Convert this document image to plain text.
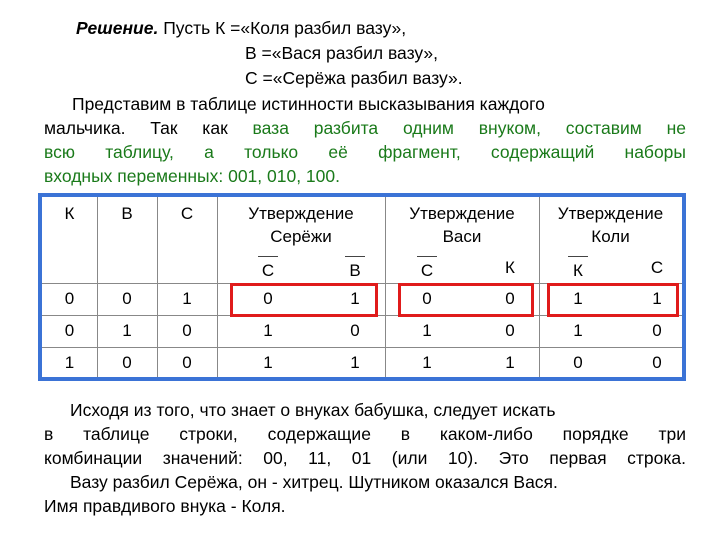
Решение. Пусть К =«Коля разбил вазу»,
В =«Вася разбил вазу»,
С =«Серёжа разбил вазу».
Представим в таблице истинности высказывания каждого
мальчика. Так как ваза разбита одним внуком, составим не
всю таблицу, а только её фрагмент, содержащий наборы
входных переменных: 001, 010, 100.
К	В	С	Утверждение
Серёжи
Утверждение
Васи
Утверждение
Коли
С	В	С	К	К	С
0	0	1	0	1	0	0	1	1
0	1	0	1	0	1	0	1	0
1	0	0	1	1	1	1	0	0
Исходя из того, что знает о внуках бабушка, следует искать
в таблице строки, содержащие в каком-либо порядке три
комбинации значений: 00, 11, 01 (или 10). Это первая строка.
Вазу разбил Серёжа, он - хитрец. Шутником оказался Вася.
Имя правдивого внука - Коля.
